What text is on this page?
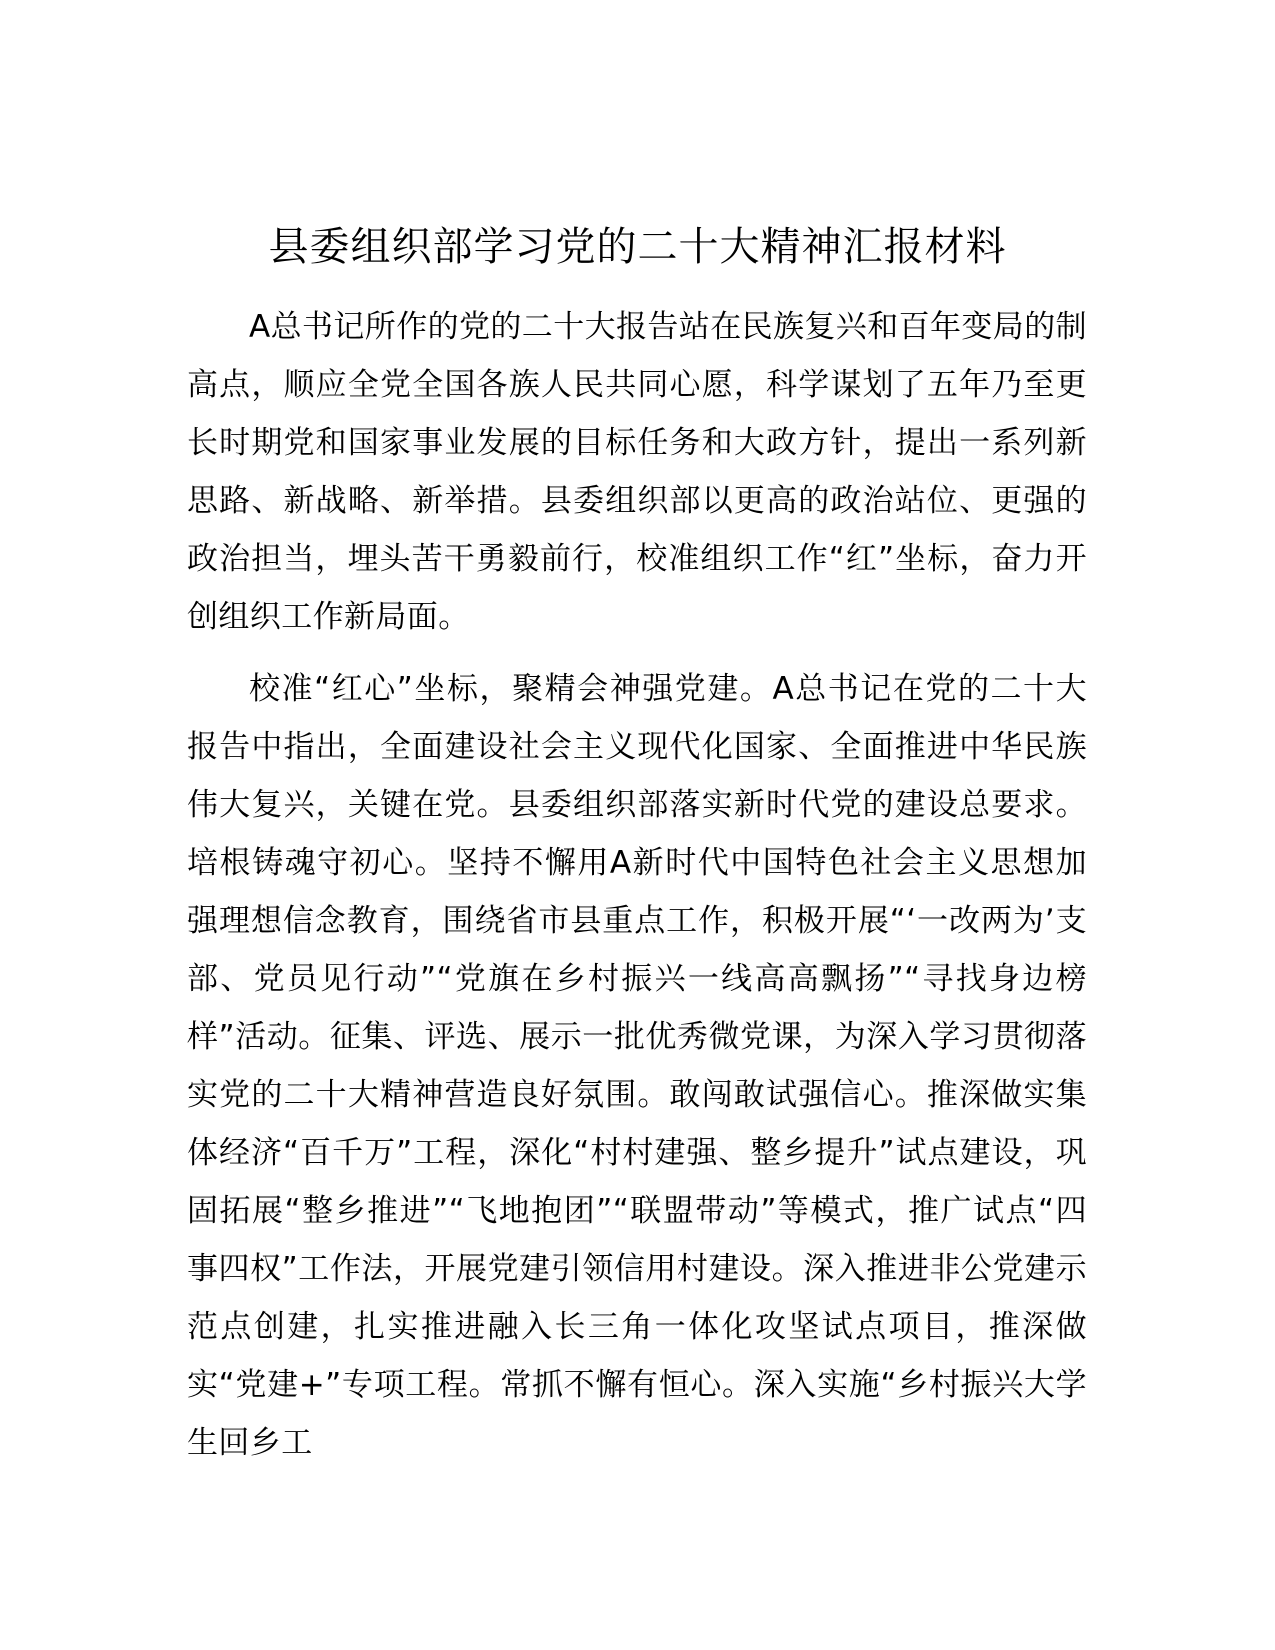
县委组织部学习党的二十大精神汇报材料

A总书记所作的党的二十大报告站在民族复兴和百年变局的制高点，顺应全党全国各族人民共同心愿，科学谋划了五年乃至更长时期党和国家事业发展的目标任务和大政方针，提出一系列新思路、新战略、新举措。县委组织部以更高的政治站位、更强的政治担当，埋头苦干勇毅前行，校准组织工作“红”坐标，奋力开创组织工作新局面。

校准“红心”坐标，聚精会神强党建。A总书记在党的二十大报告中指出，全面建设社会主义现代化国家、全面推进中华民族伟大复兴，关键在党。县委组织部落实新时代党的建设总要求。培根铸魂守初心。坚持不懈用A新时代中国特色社会主义思想加强理想信念教育，围绕省市县重点工作，积极开展“‘一改两为’支部、党员见行动”“党旗在乡村振兴一线高高飘扬”“寻找身边榜样”活动。征集、评选、展示一批优秀微党课，为深入学习贯彻落实党的二十大精神营造良好氛围。敢闯敢试强信心。推深做实集体经济“百千万”工程，深化“村村建强、整乡提升”试点建设，巩固拓展“整乡推进”“飞地抱团”“联盟带动”等模式，推广试点“四事四权”工作法，开展党建引领信用村建设。深入推进非公党建示范点创建，扎实推进融入长三角一体化攻坚试点项目，推深做实“党建+”专项工程。常抓不懈有恒心。深入实施“乡村振兴大学生回乡工
